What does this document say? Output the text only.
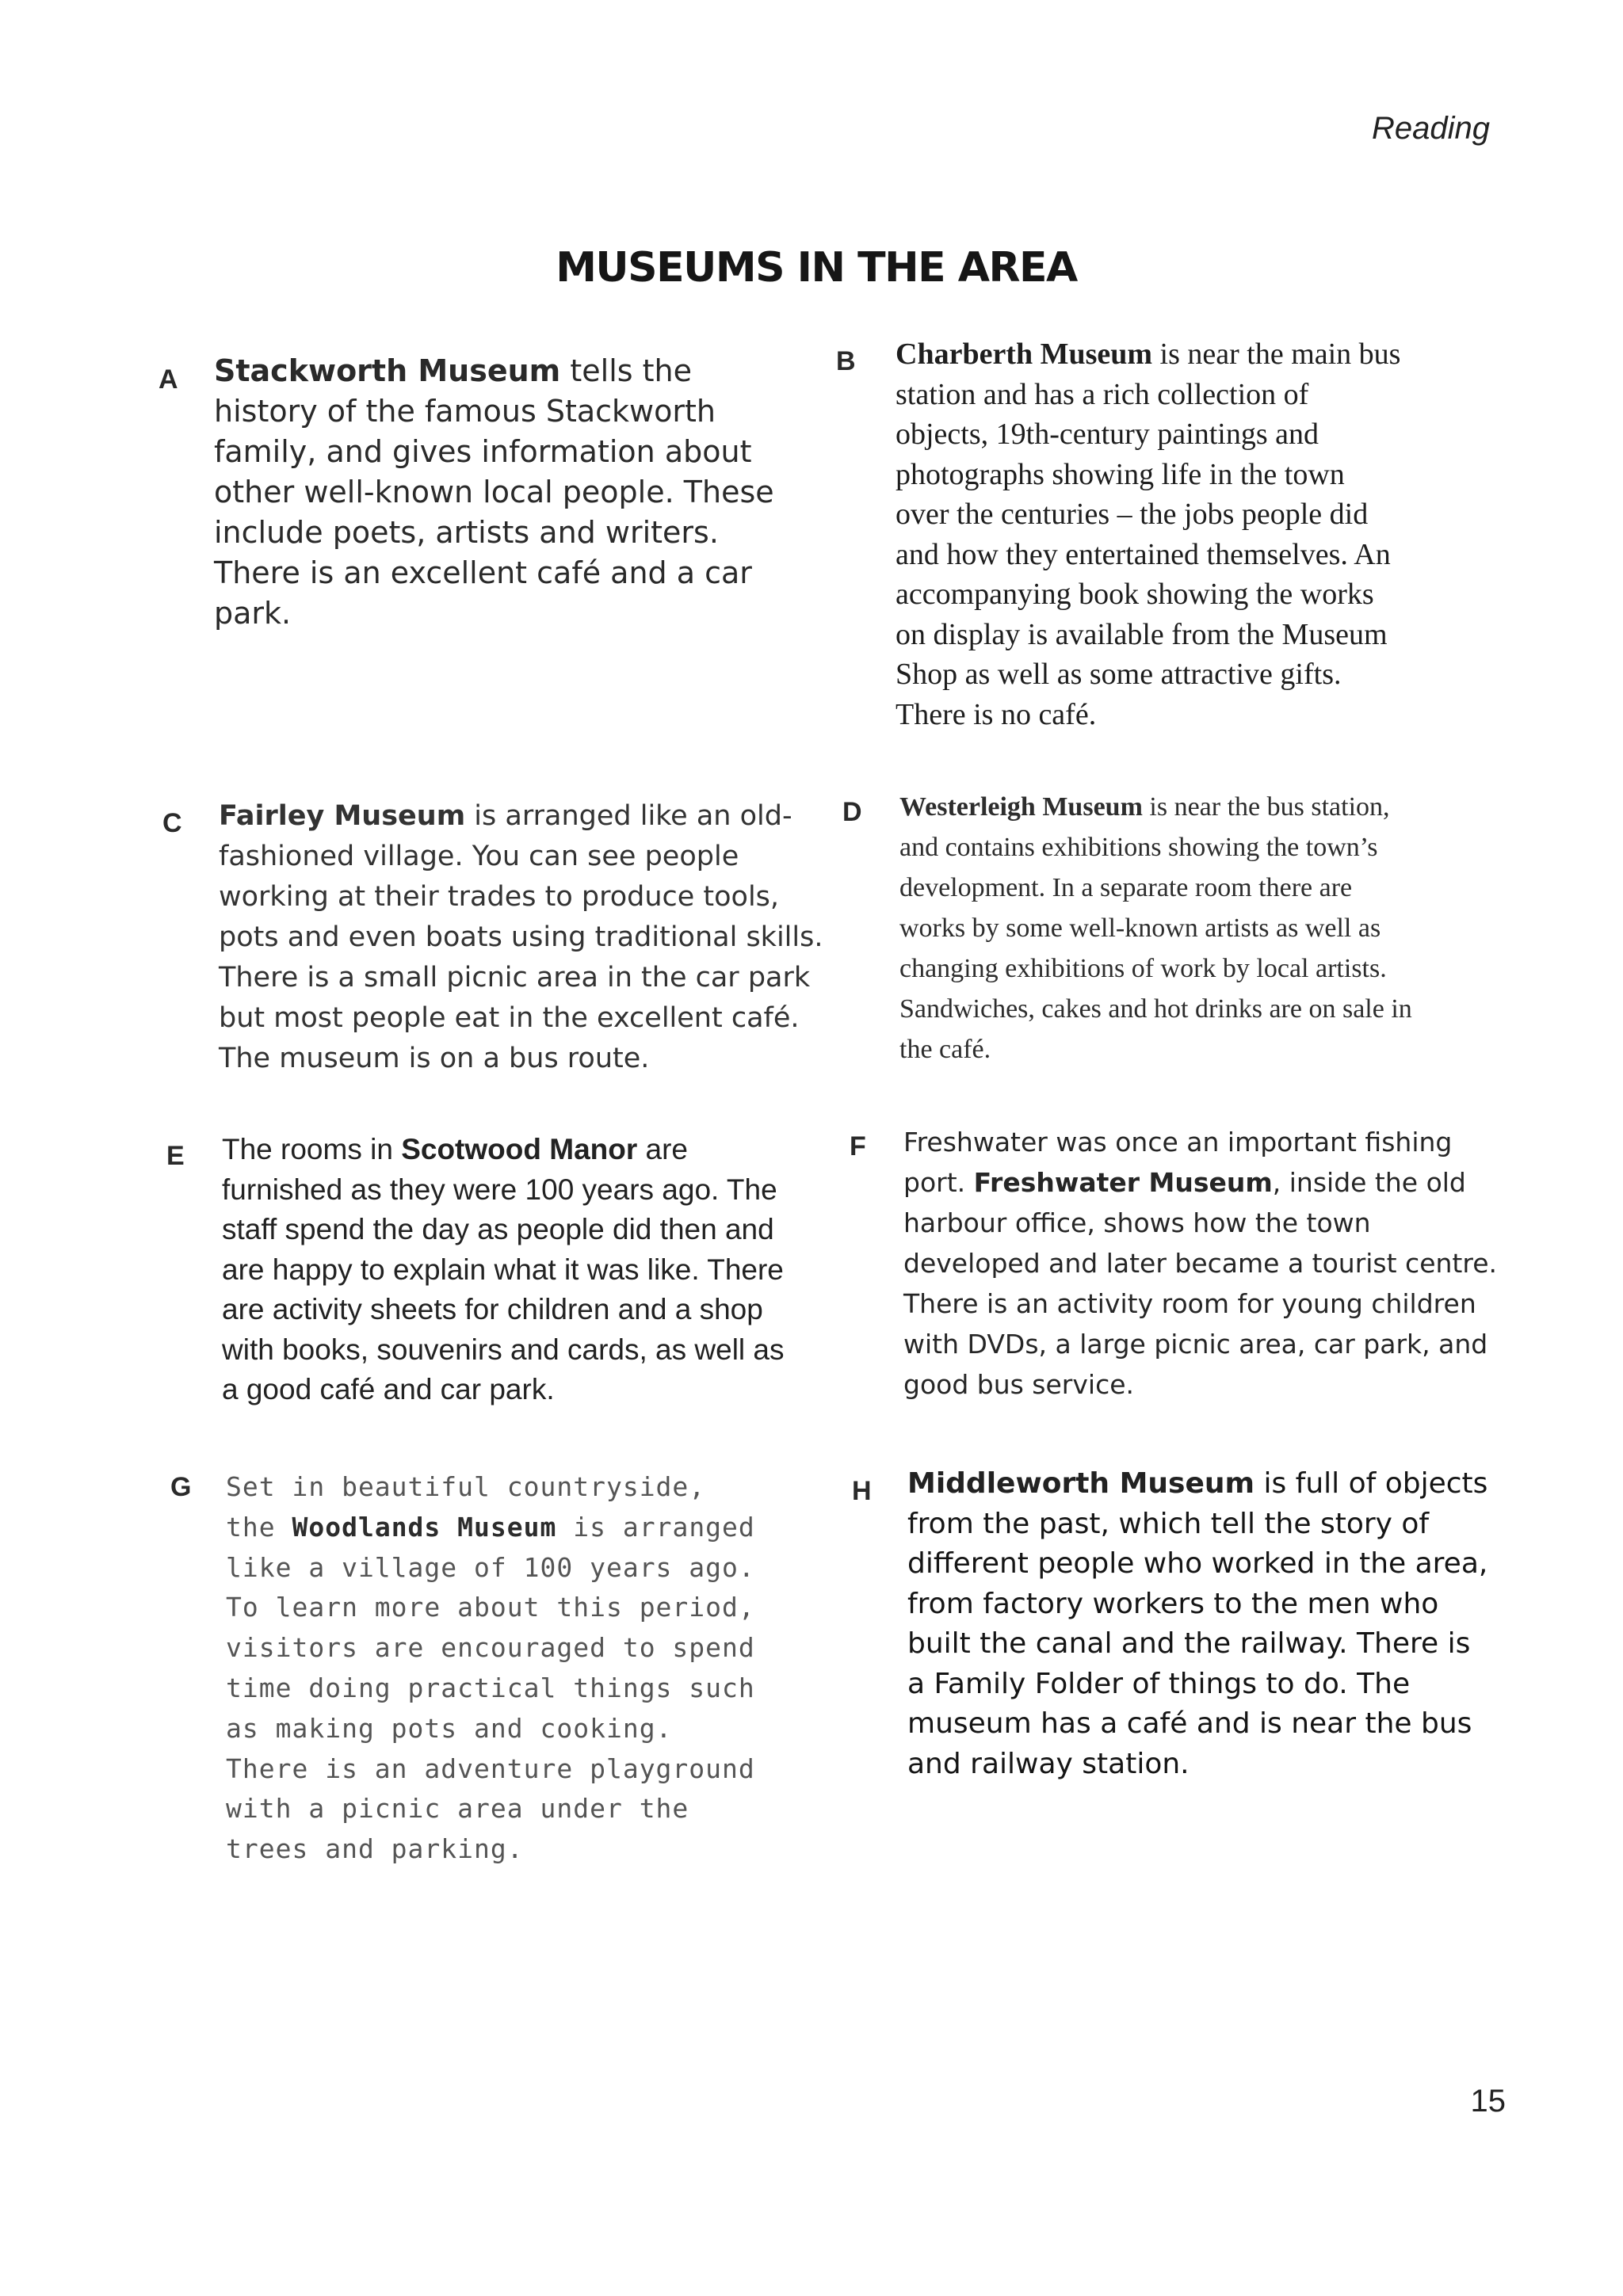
Reading
MUSEUMS IN THE AREA
A Stackworth Museum tells the
history of the famous Stackworth
family, and gives information about
other well-known local people. These
include poets, artists and writers.
There is an excellent café and a car
park.

B Charberth Museum is near the main bus
station and has a rich collection of
objects, 19th-century paintings and
photographs showing life in the town
over the centuries – the jobs people did
and how they entertained themselves. An
accompanying book showing the works
on display is available from the Museum
Shop as well as some attractive gifts.
There is no café.

C Fairley Museum is arranged like an old-
fashioned village. You can see people
working at their trades to produce tools,
pots and even boats using traditional skills.
There is a small picnic area in the car park
but most people eat in the excellent café.
The museum is on a bus route.

D Westerleigh Museum is near the bus station,
and contains exhibitions showing the town’s
development. In a separate room there are
works by some well-known artists as well as
changing exhibitions of work by local artists.
Sandwiches, cakes and hot drinks are on sale in
the café.

E The rooms in Scotwood Manor are
furnished as they were 100 years ago. The
staff spend the day as people did then and
are happy to explain what it was like. There
are activity sheets for children and a shop
with books, souvenirs and cards, as well as
a good café and car park.

F Freshwater was once an important fishing
port. Freshwater Museum, inside the old
harbour office, shows how the town
developed and later became a tourist centre.
There is an activity room for young children
with DVDs, a large picnic area, car park, and
good bus service.

G Set in beautiful countryside,
the Woodlands Museum is arranged
like a village of 100 years ago.
To learn more about this period,
visitors are encouraged to spend
time doing practical things such
as making pots and cooking.
There is an adventure playground
with a picnic area under the
trees and parking.

H Middleworth Museum is full of objects
from the past, which tell the story of
different people who worked in the area,
from factory workers to the men who
built the canal and the railway. There is
a Family Folder of things to do. The
museum has a café and is near the bus
and railway station.

15
